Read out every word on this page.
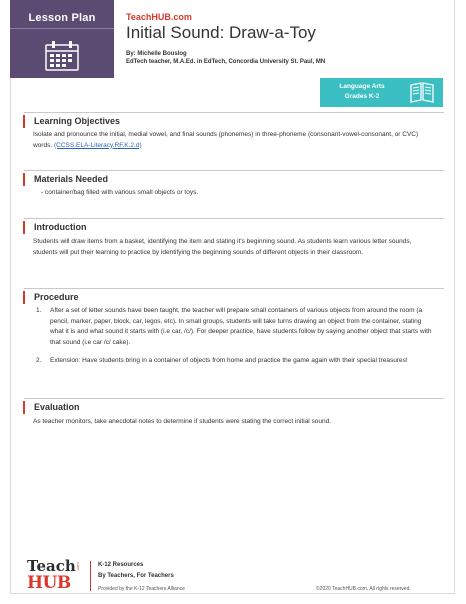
Lesson Plan	TeachHUB.com
Initial Sound: Draw-a-Toy
By: Michelle Bouslog
EdTech teacher, M.A.Ed. in EdTech, Concordia University St. Paul, MN
Language Arts
Grades K-2
Learning Objectives
Isolate and pronounce the initial, medial vowel, and final sounds (phonemes) in three-phoneme (consonant-vowel-consonant, or CVC) words. (CCSS.ELA-Literacy.RF.K.2.d)
Materials Needed
- container/bag filled with various small objects or toys.
Introduction
Students will draw items from a basket, identifying the item and stating it's beginning sound. As students learn various letter sounds, students will put their learning to practice by identifying the beginning sounds of different objects in their classroom.
Procedure
1. After a set of letter sounds have been taught, the teacher will prepare small containers of various objects from around the room (a pencil, marker, paper, block, car, legos, etc). In small groups, students will take turns drawing an object from the container, stating what it is and what sound it starts with (i.e car, /c/). For deeper practice, have students follow by saying another object that starts with that sound (i.e car /c/ cake).
2. Extension: Have students bring in a container of objects from home and practice the game again with their special treasures!
Evaluation
As teacher monitors, take anecdotal notes to determine if students were stating the correct initial sound.
Teach
HUB
.com	K-12 Resources
By Teachers, For Teachers
Provided by the K-12 Teachers Alliance	©2020 TeachHUB.com. All rights reserved.
